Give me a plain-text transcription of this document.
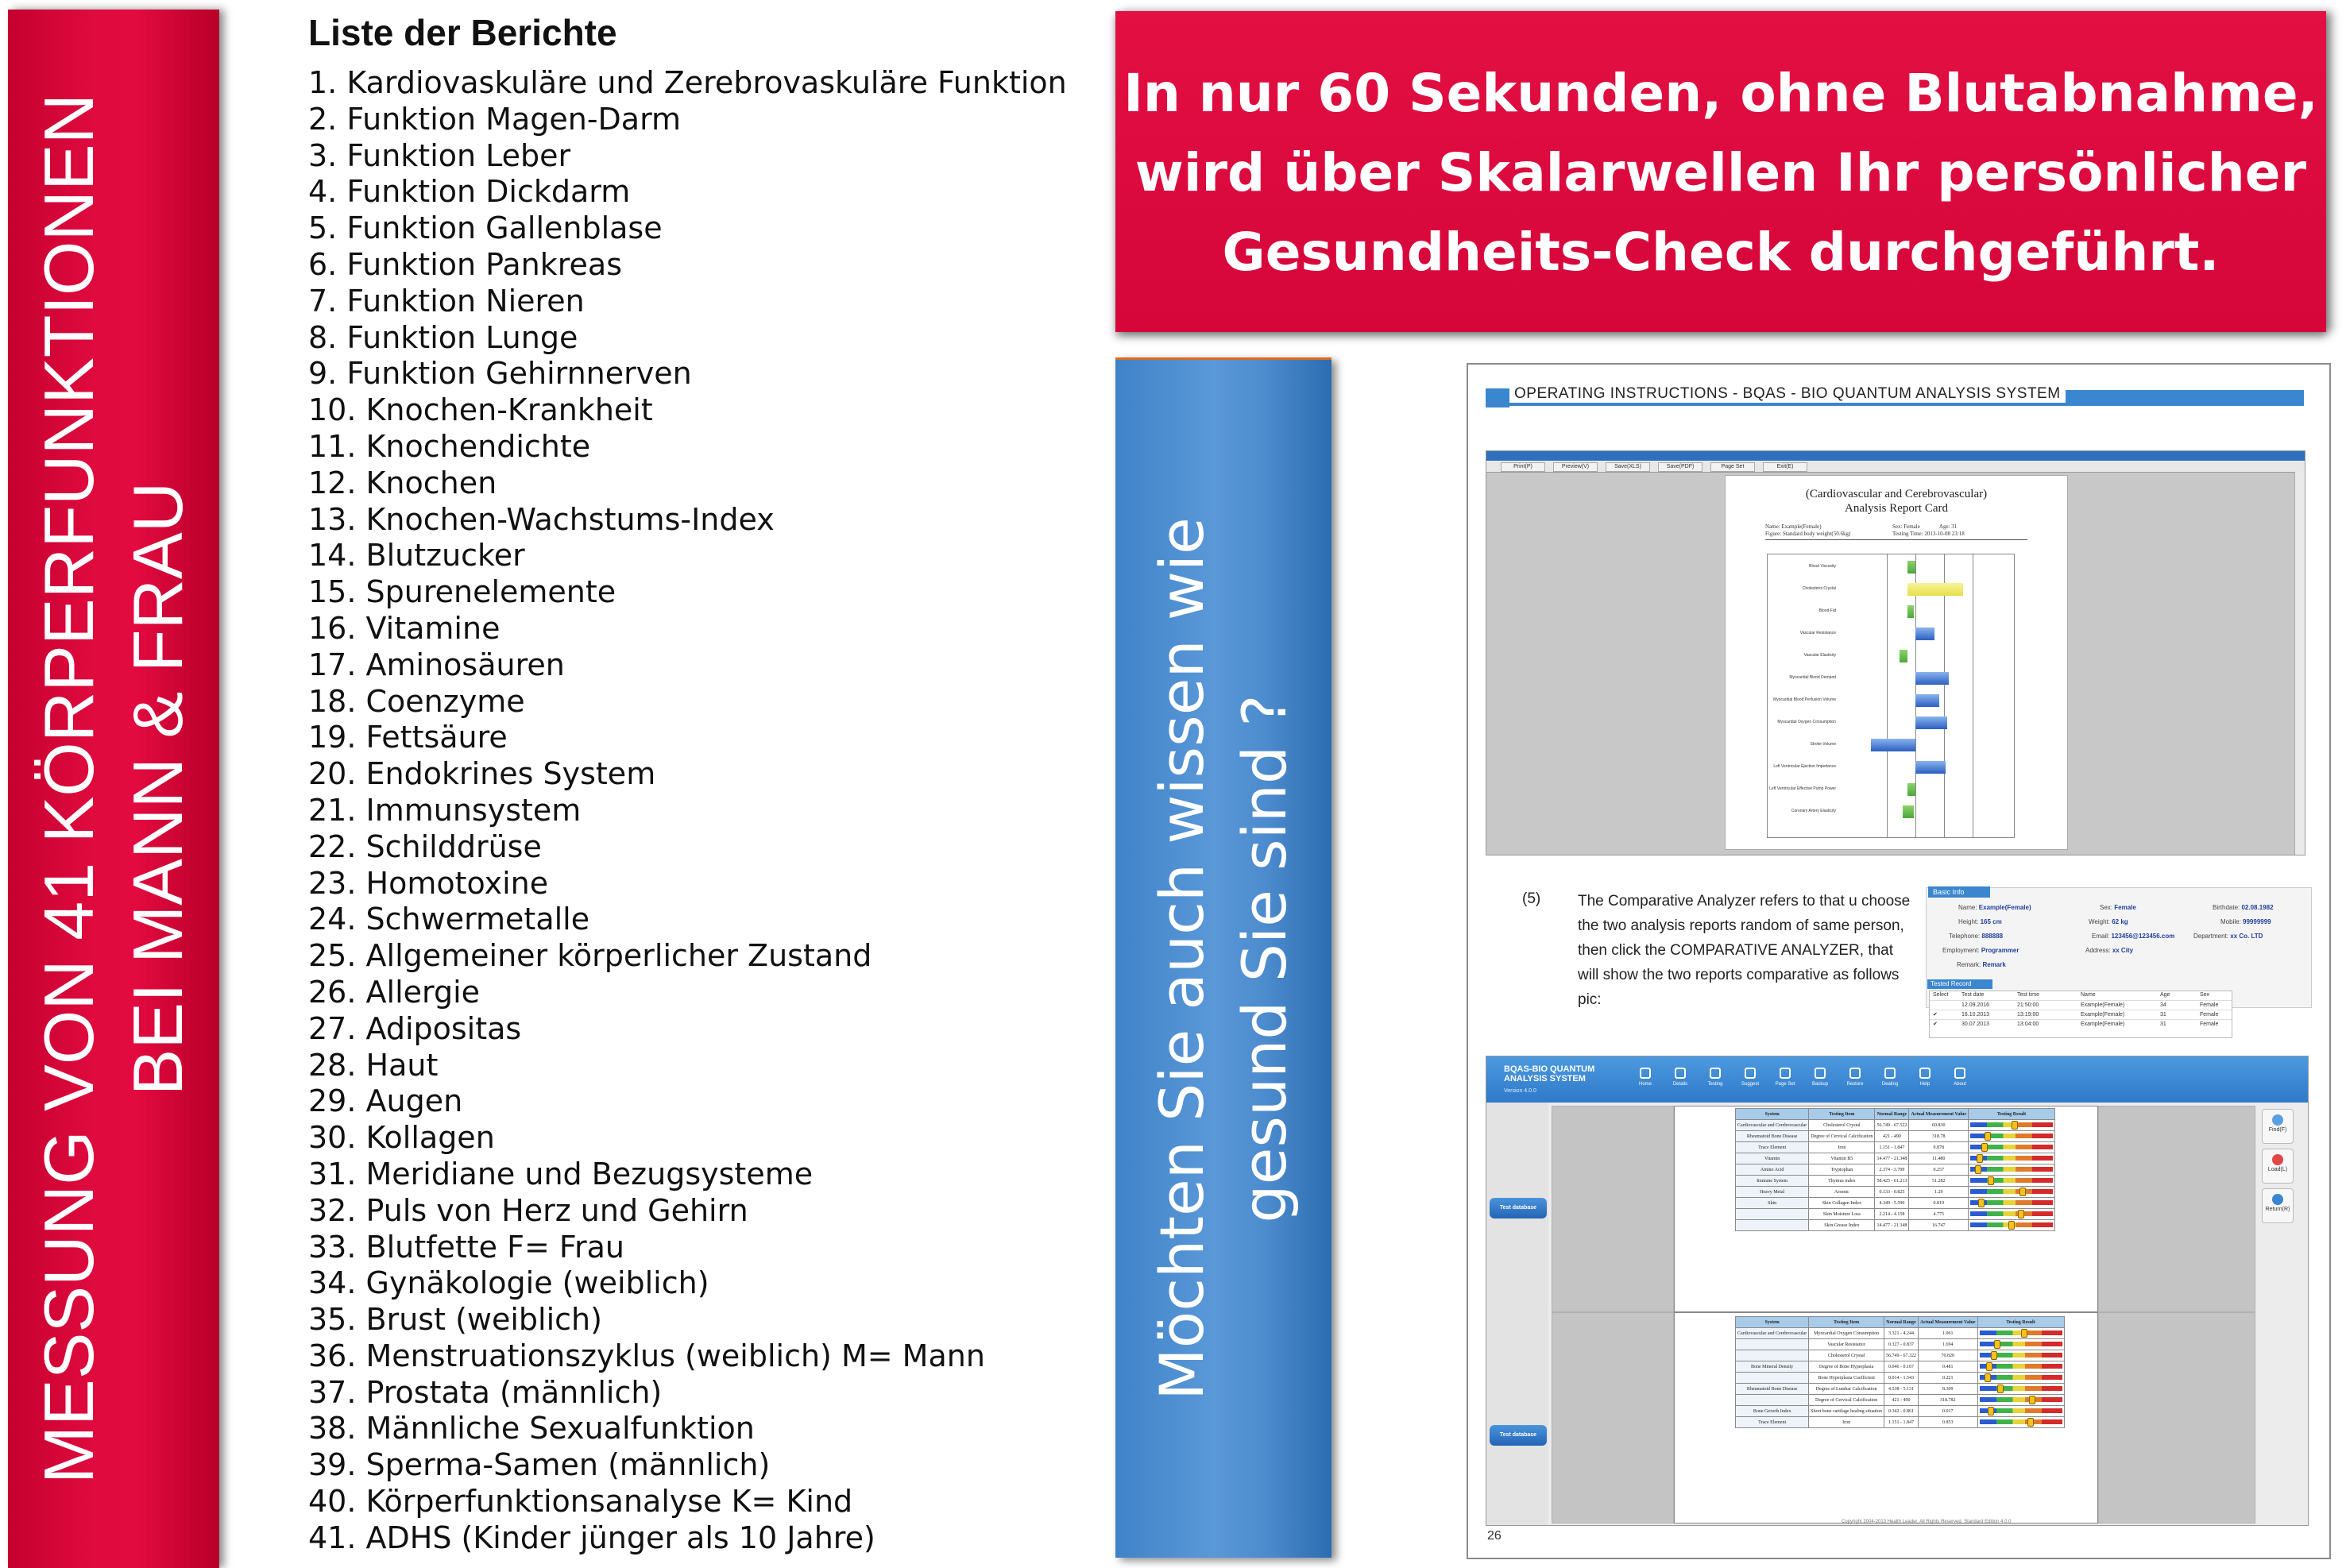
MESSUNG VON 41 KÖRPERFUNKTIONEN BEI MANN & FRAU
Liste der Berichte
1. Kardiovaskuläre und Zerebrovaskuläre Funktion
2. Funktion Magen-Darm
3. Funktion Leber
4. Funktion Dickdarm
5. Funktion Gallenblase
6. Funktion Pankreas
7. Funktion Nieren
8. Funktion Lunge
9. Funktion Gehirnnerven
10. Knochen-Krankheit
11. Knochendichte
12. Knochen
13. Knochen-Wachstums-Index
14. Blutzucker
15. Spurenelemente
16. Vitamine
17. Aminosäuren
18. Coenzyme
19. Fettsäure
20. Endokrines System
21. Immunsystem
22. Schilddrüse
23. Homotoxine
24. Schwermetalle
25. Allgemeiner körperlicher Zustand
26. Allergie
27. Adipositas
28. Haut
29. Augen
30. Kollagen
31. Meridiane und Bezugsysteme
32. Puls von Herz und Gehirn
33. Blutfette F= Frau
34. Gynäkologie (weiblich)
35. Brust (weiblich)
36. Menstruationszyklus (weiblich) M= Mann
37. Prostata (männlich)
38. Männliche Sexualfunktion
39. Sperma-Samen (männlich)
40. Körperfunktionsanalyse K= Kind
41. ADHS (Kinder jünger als 10 Jahre)
In nur 60 Sekunden, ohne Blutabnahme,
wird über Skalarwellen Ihr persönlicher
Gesundheits-Check durchgeführt.
Möchten Sie auch wissen wie gesund Sie sind ?
OPERATING INSTRUCTIONS - BQAS - BIO QUANTUM ANALYSIS SYSTEM
Print(P)	Preview(V)	Save(XLS)	Save(PDF)	Page Set	Exit(E)
(Cardiovascular and Cerebrovascular)
Analysis Report Card
Name: Example(Female)
Figure: Standard body weight(50.6kg)
Sex: Female              Age: 31
Testing Time: 2013-10-08 23:18
Blood Viscosity
Cholesterol Crystal
Blood Fat
Vascular Resistance
Vascular Elasticity
Myocardial Blood Demand
Myocardial Blood Perfusion Volume
Myocardial Oxygen Consumption
Stroke Volume
Left Ventricular Ejection Impedance
Left Ventricular Effective Pump Power
Coronary Artery Elasticity
(5) The Comparative Analyzer refers to that u choose the two analysis reports random of same person, then click the COMPARATIVE ANALYZER, that will show the two reports comparative as follows pic:
Basic Info
Name: Example(Female)	Sex: Female	Birthdate: 02.08.1982
Height: 165 cm	Weight: 62 kg	Mobile: 99999999
Telephone: 888888	Email: 123456@123456.com	Department: xx Co. LTD
Employment: Programmer	Address: xx City
Remark: Remark
Tested Record
Select Test date	Test time	Name	Age	Sex
12.09.2016	21:50:00	Example(Female)	34	Female
✔	16.10.2013	13:19:00	Example(Female)	31	Female
✔	30.07.2013	13:04:00	Example(Female)	31	Female
BQAS-BIO QUANTUM
ANALYSIS SYSTEM
Version 4.0.0
Home	Details	Testing	Suggest	Page Set	Backup	Restore	Dealing	Help	About
Test database
Test database
System	Testing Item	Normal Range	Actual Measurement Value	Testing Result
Cardiovascular and Cerebrovascular	Cholesterol Crystal	56.749 - 67.522	60.830	

Rheumatoid Bone Disease	Degree of Cervical Calcification	421 - 490	318.78	

Trace Element	Iron	1.151 - 1.847	0.878	

Vitamin	Vitamin B5	14.477 - 21.348	11.480	

Amino Acid	Tryptophan	2.374 - 3.709	0.257	

Immune System	Thymus index	58.425 - 61.213	51.282	

Heavy Metal	Arsenic	0.133 - 0.825	1.29	

Skin	Skin Collagen Index	4.349 - 5.590	0.819	

	Skin Moisture Loss	2.214 - 4.158	4.775	

	Skin Grease Index	14.477 - 21.348	16.747	
System	Testing Item	Normal Range	Actual Measurement Value	Testing Result
Cardiovascular and Cerebrovascular	Myocardial Oxygen Consumption	3.321 - 4.244	1.061	

	Vascular Resistance	0.327 - 0.837	1.694	

	Cholesterol Crystal	56.749 - 67.322	70.820	

Bone Mineral Density	Degree of Bone Hyperplasia	0.046 - 0.167	0.481	

	Bone Hyperplasia Coefficient	0.014 - 1.543	0.221	

Rheumatoid Bone Disease	Degree of Lumbar Calcification	4.538 - 5.131	8.309	

	Degree of Cervical Calcification	421 - 490	318.782	

Bone Growth Index	Short bone cartilage healing situation	0.342 - 0.861	0.017	

Trace Element	Iron	1.151 - 1.847	0.853	
Find(F)
Load(L)
Return(R)
Copyright 2004-2013 Health Leader. All Rights Reserved. Standard Edition 4.0.0
26
